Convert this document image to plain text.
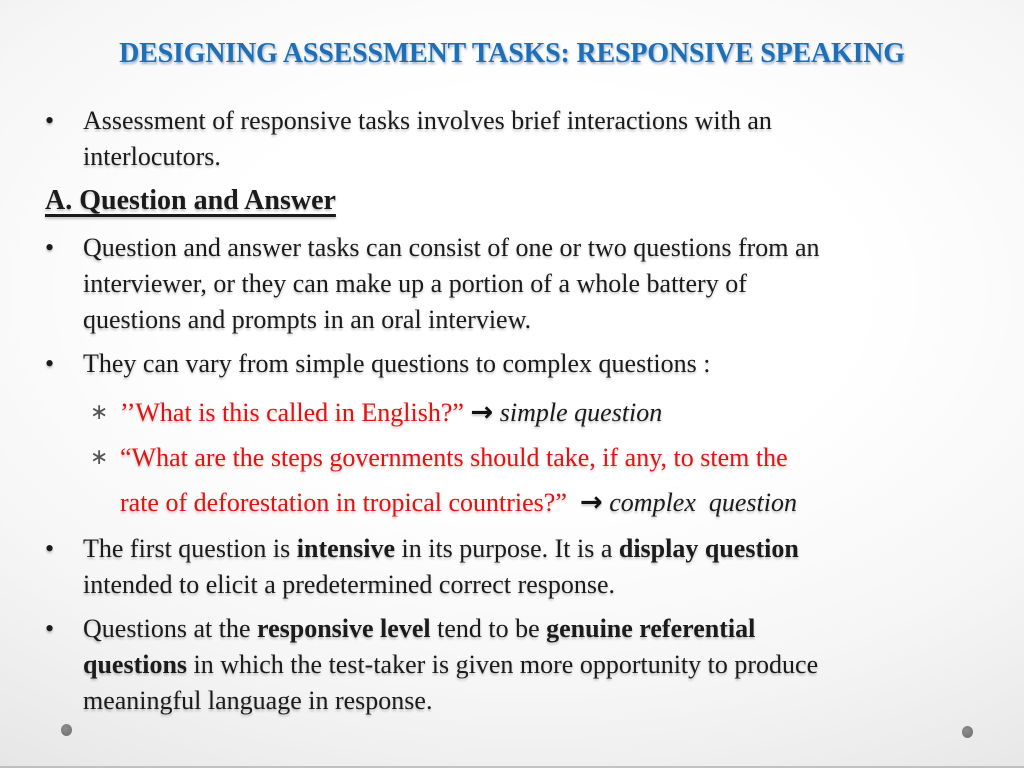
DESIGNING ASSESSMENT TASKS: RESPONSIVE SPEAKING
•	Assessment of responsive tasks involves brief interactions with an
interlocutors.
A. Question and Answer
•	Question and answer tasks can consist of one or two questions from an
interviewer, or they can make up a portion of a whole battery of
questions and prompts in an oral interview.
•	They can vary from simple questions to complex questions :
∗ ’’What is this called in English?” → simple question
∗ “What are the steps governments should take, if any, to stem the
rate of deforestation in tropical countries?” → complex  question
•	The first question is intensive in its purpose. It is a display question
intended to elicit a predetermined correct response.
•	Questions at the responsive level tend to be genuine referential
questions in which the test-taker is given more opportunity to produce
meaningful language in response.
